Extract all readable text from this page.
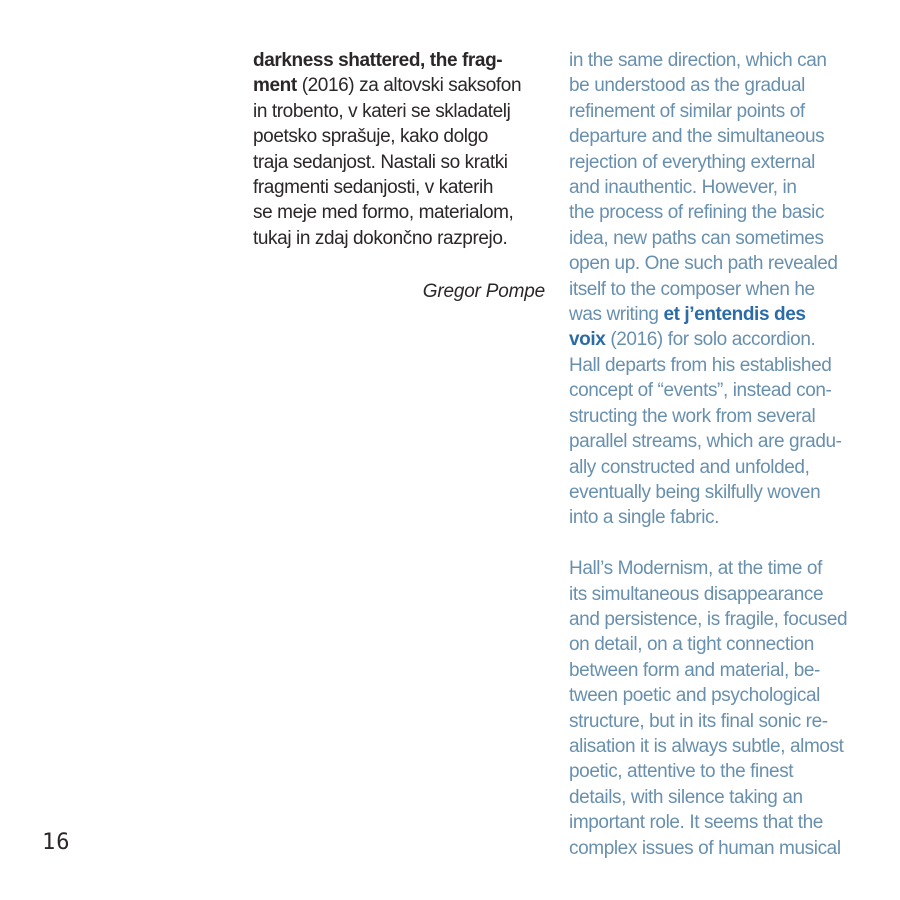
darkness shattered, the frag-
ment (2016) za altovski saksofon
in trobento, v kateri se skladatelj
poetsko sprašuje, kako dolgo
traja sedanjost. Nastali so kratki
fragmenti sedanjosti, v katerih
se meje med formo, materialom,
tukaj in zdaj dokončno razprejo.
Gregor Pompe
in the same direction, which can
be understood as the gradual
refinement of similar points of
departure and the simultaneous
rejection of everything external
and inauthentic. However, in
the process of refining the basic
idea, new paths can sometimes
open up. One such path revealed
itself to the composer when he
was writing et j’entendis des
voix (2016) for solo accordion.
Hall departs from his established
concept of “events”, instead con-
structing the work from several
parallel streams, which are gradu-
ally constructed and unfolded,
eventually being skilfully woven
into a single fabric.
Hall’s Modernism, at the time of
its simultaneous disappearance
and persistence, is fragile, focused
on detail, on a tight connection
between form and material, be-
tween poetic and psychological
structure, but in its final sonic re-
alisation it is always subtle, almost
poetic, attentive to the finest
details, with silence taking an
important role. It seems that the
complex issues of human musical
16
